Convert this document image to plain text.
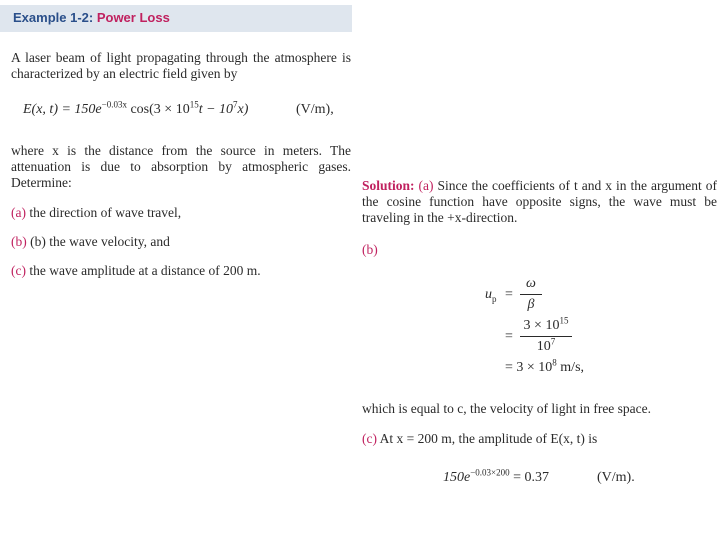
Example 1-2: Power Loss
A laser beam of light propagating through the atmosphere is characterized by an electric field given by
E(x, $t) = 150e^{-0.03x}$ $\cos(3 \times 10^{15}t - 10^7x)$	(V/m),
where x is the distance from the source in meters. The attenuation is due to absorption by atmospheric gases. Determine:
(a) the direction of wave travel,
(b) (b) the wave velocity, and
(c) the wave amplitude at a distance of 200 m.
Solution: (a) Since the coefficients of t and x in the argument of the cosine function have opposite signs, the wave must be traveling in the +x-direction.
(b)
$u_p$ =
ω
β
=
$3 \times 10^{15}$
$10^7$
= $3 \times 10^8$ m/s,
which is equal to c, the velocity of light in free space.
(c) At x = 200 m, the amplitude of E(x, t) is
$150e^{-0.03\times 200} = 0.37$	(V/m).
